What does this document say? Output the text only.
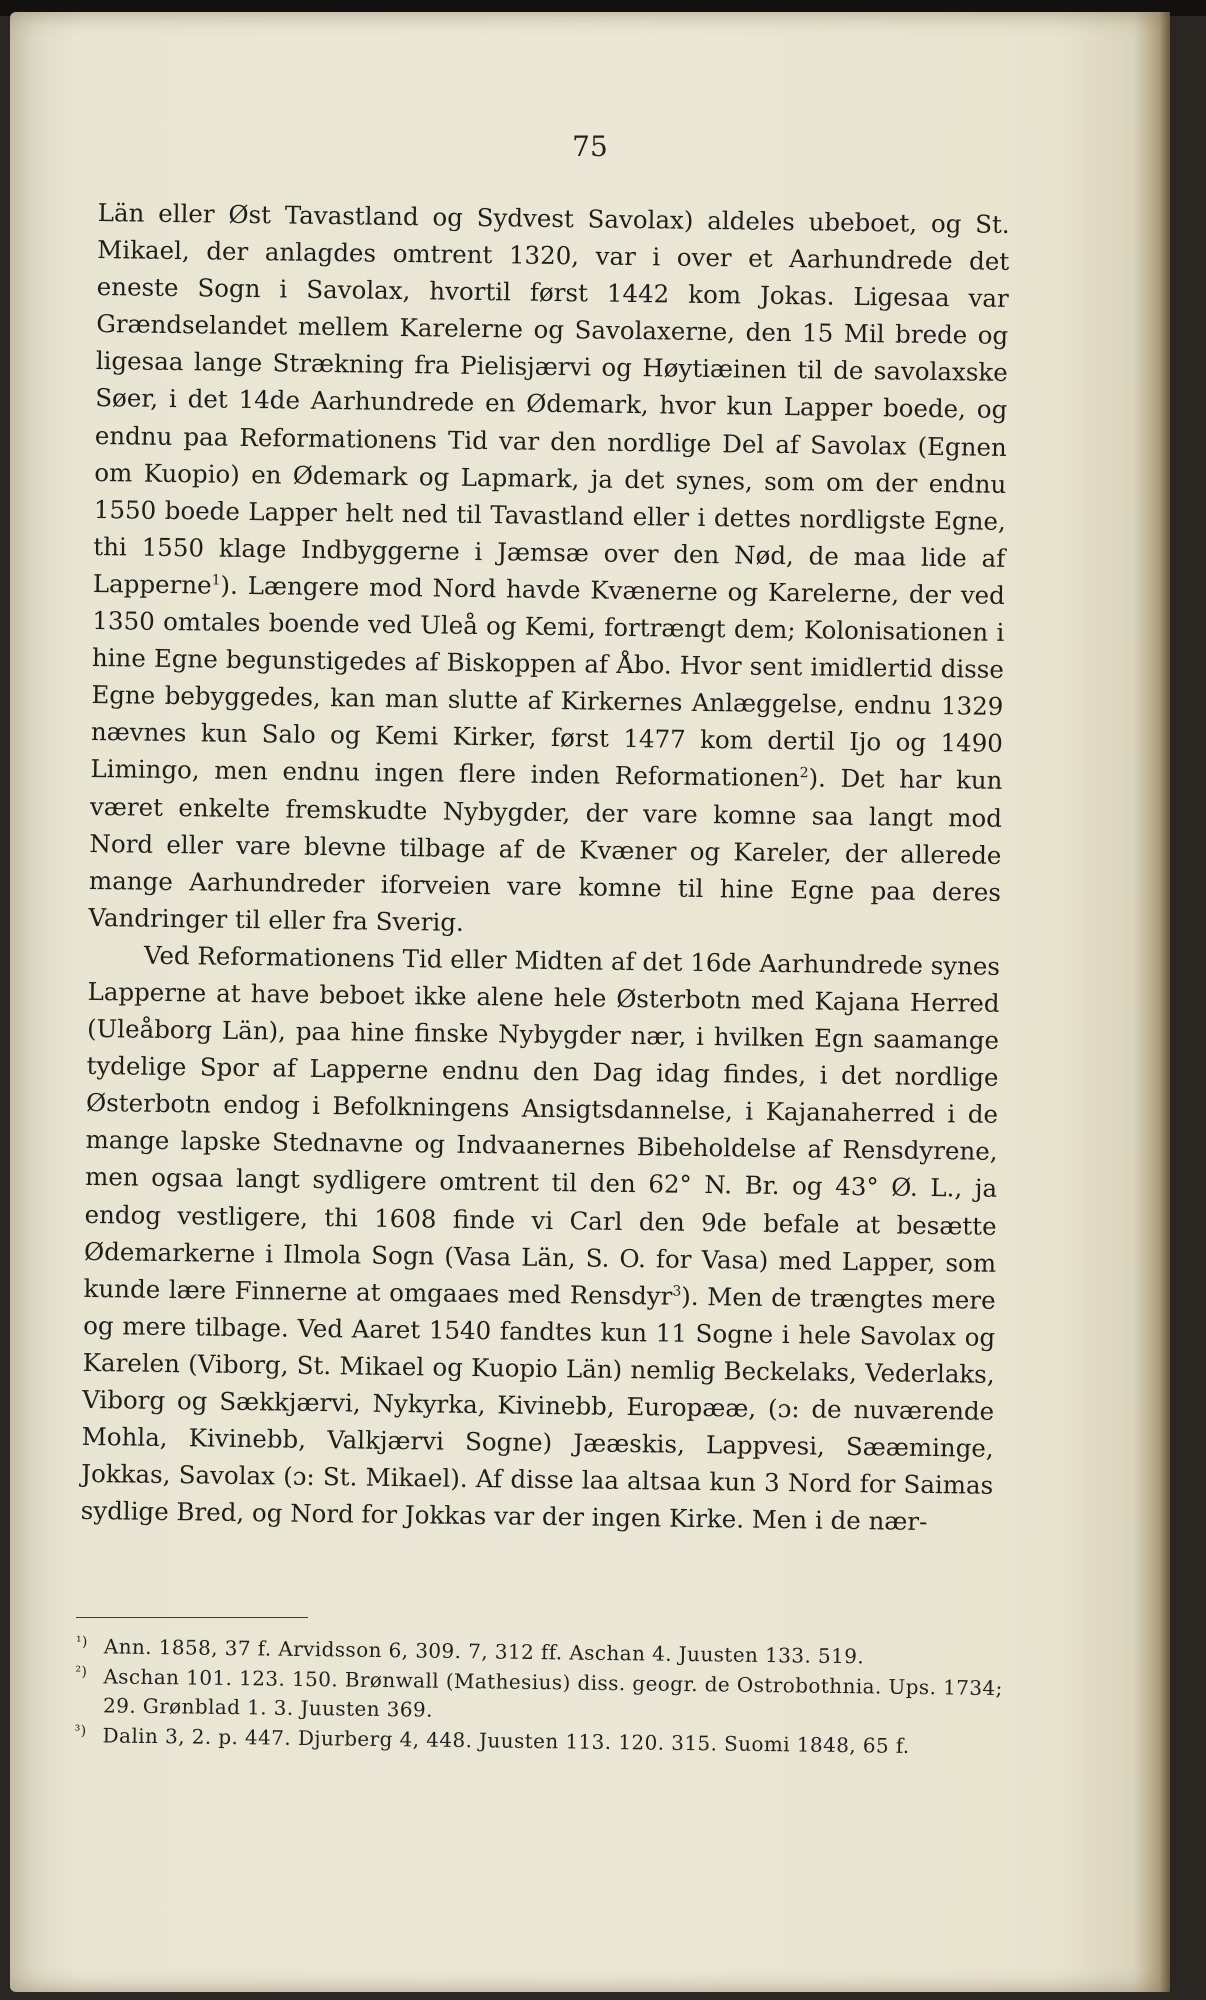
75

Län eller Øst Tavastland og Sydvest Savolax) aldeles ubeboet, og St. Mikael, der anlagdes omtrent 1320, var i over et Aarhundrede det eneste Sogn i Savolax, hvortil først 1442 kom Jokas. Ligesaa var Grændselandet mellem Karelerne og Savolaxerne, den 15 Mil brede og ligesaa lange Strækning fra Pielisjærvi og Høytiæinen til de savolaxske Søer, i det 14de Aarhundrede en Ødemark, hvor kun Lapper boede, og endnu paa Reformationens Tid var den nordlige Del af Savolax (Egnen om Kuopio) en Ødemark og Lapmark, ja det synes, som om der endnu 1550 boede Lapper helt ned til Tavastland eller i dettes nordligste Egne, thi 1550 klage Indbyggerne i Jæmsæ over den Nød, de maa lide af Lapperne$^1$). Længere mod Nord havde Kvænerne og Karelerne, der ved 1350 omtales boende ved Uleå og Kemi, fortrængt dem; Kolonisationen i hine Egne begunstigedes af Biskoppen af Åbo. Hvor sent imidlertid disse Egne bebyggedes, kan man slutte af Kirkernes Anlæggelse, endnu 1329 nævnes kun Salo og Kemi Kirker, først 1477 kom dertil Ijo og 1490 Limingo, men endnu ingen flere inden Reformationen$^2$). Det har kun været enkelte fremskudte Nybygder, der vare komne saa langt mod Nord eller vare blevne tilbage af de Kvæner og Kareler, der allerede mange Aarhundreder iforveien vare komne til hine Egne paa deres Vandringer til eller fra Sverig.

Ved Reformationens Tid eller Midten af det 16de Aarhundrede synes Lapperne at have beboet ikke alene hele Østerbotn med Kajana Herred (Uleåborg Län), paa hine finske Nybygder nær, i hvilken Egn saamange tydelige Spor af Lapperne endnu den Dag idag findes, i det nordlige Østerbotn endog i Befolkningens Ansigtsdannelse, i Kajanaherred i de mange lapske Stednavne og Indvaanernes Bibeholdelse af Rensdyrene, men ogsaa langt sydligere omtrent til den 62° N. Br. og 43° Ø. L., ja endog vestligere, thi 1608 finde vi Carl den 9de befale at besætte Ødemarkerne i Ilmola Sogn (Vasa Län, S. O. for Vasa) med Lapper, som kunde lære Finnerne at omgaaes med Rensdyr$^3$). Men de trængtes mere og mere tilbage. Ved Aaret 1540 fandtes kun 11 Sogne i hele Savolax og Karelen (Viborg, St. Mikael og Kuopio Län) nemlig Beckelaks, Vederlaks, Viborg og Sækkjærvi, Nykyrka, Kivinebb, Europææ, (ɔ: de nuværende Mohla, Kivinebb, Valkjærvi Sogne) Jææskis, Lappvesi, Sææminge, Jokkas, Savolax (ɔ: St. Mikael). Af disse laa altsaa kun 3 Nord for Saimas sydlige Bred, og Nord for Jokkas var der ingen Kirke. Men i de nær-

¹) Ann. 1858, 37 f. Arvidsson 6, 309. 7, 312 ff. Aschan 4. Juusten 133. 519.
²) Aschan 101. 123. 150. Brønwall (Mathesius) diss. geogr. de Ostrobothnia. Ups. 1734; 29. Grønblad 1. 3. Juusten 369.
³) Dalin 3, 2. p. 447. Djurberg 4, 448. Juusten 113. 120. 315. Suomi 1848, 65 f.
